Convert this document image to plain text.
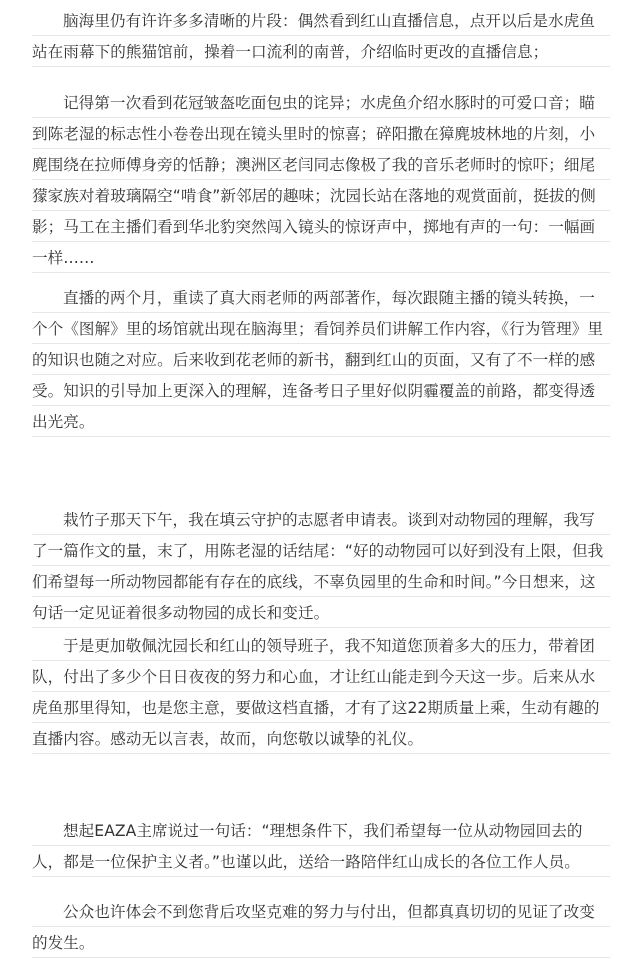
脑海里仍有许许多多清晰的片段：偶然看到红山直播信息，点开以后是水虎鱼站在雨幕下的熊猫馆前，操着一口流利的南普，介绍临时更改的直播信息；

记得第一次看到花冠皱盔吃面包虫的诧异；水虎鱼介绍水豚时的可爱口音；瞄到陈老湿的标志性小卷卷出现在镜头里时的惊喜；碎阳撒在獐麂坡林地的片刻，小麂围绕在拉师傅身旁的恬静；澳洲区老闫同志像极了我的音乐老师时的惊吓；细尾獴家族对着玻璃隔空“啃食”新邻居的趣味；沈园长站在落地的观赏面前，挺拔的侧影；马工在主播们看到华北豹突然闯入镜头的惊讶声中，掷地有声的一句：一幅画一样……

直播的两个月，重读了真大雨老师的两部著作，每次跟随主播的镜头转换，一个个《图解》里的场馆就出现在脑海里；看饲养员们讲解工作内容，《行为管理》里的知识也随之对应。后来收到花老师的新书，翻到红山的页面，又有了不一样的感受。知识的引导加上更深入的理解，连备考日子里好似阴霾覆盖的前路，都变得透出光亮。

栽竹子那天下午，我在填云守护的志愿者申请表。谈到对动物园的理解，我写了一篇作文的量，末了，用陈老湿的话结尾：“好的动物园可以好到没有上限，但我们希望每一所动物园都能有存在的底线，不辜负园里的生命和时间。”今日想来，这句话一定见证着很多动物园的成长和变迁。

于是更加敬佩沈园长和红山的领导班子，我不知道您顶着多大的压力，带着团队，付出了多少个日日夜夜的努力和心血，才让红山能走到今天这一步。后来从水虎鱼那里得知，也是您主意，要做这档直播，才有了这22期质量上乘，生动有趣的直播内容。感动无以言表，故而，向您敬以诚挚的礼仪。

想起EAZA主席说过一句话：“理想条件下，我们希望每一位从动物园回去的人，都是一位保护主义者。”也谨以此，送给一路陪伴红山成长的各位工作人员。

公众也许体会不到您背后攻坚克难的努力与付出，但都真真切切的见证了改变的发生。
